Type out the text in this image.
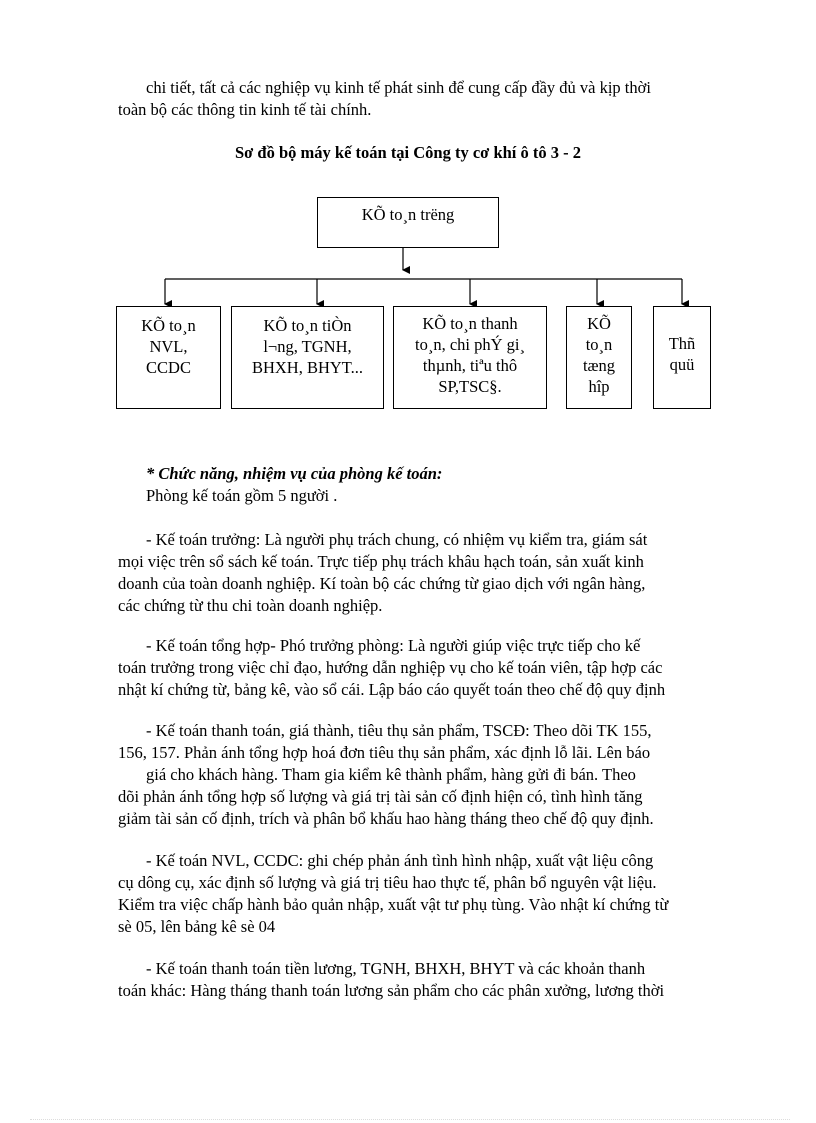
chi tiết, tất cả các nghiệp vụ kinh tế phát sinh để cung cấp đầy đủ và kịp thời
toàn bộ các thông tin kinh tế tài chính.
Sơ đồ bộ máy kế toán tại Công ty cơ khí ô tô 3 - 2
KÕ to¸n trëng
KÕ to¸n
NVL,
CCDC
KÕ to¸n tiÒn
l¬ng, TGNH,
BHXH, BHYT...
KÕ to¸n thanh
to¸n, chi phÝ gi¸
thµnh, tiªu thô
SP,TSC§.
KÕ
to¸n
tæng
hîp
Thñ
quü
* Chức năng, nhiệm vụ của phòng kế toán:
Phòng kế toán gồm 5 người .
- Kế toán trưởng: Là người phụ trách chung, có nhiệm vụ kiểm tra, giám sát
mọi việc trên sổ sách kế toán. Trực tiếp phụ trách khâu hạch toán, sản xuất kinh
doanh của toàn doanh nghiệp. Kí toàn bộ các chứng từ giao dịch với ngân hàng,
các chứng từ thu chi toàn doanh nghiệp.
- Kế toán tổng hợp- Phó trưởng phòng: Là người giúp việc trực tiếp cho kế
toán trưởng trong việc chỉ đạo, hướng dẫn nghiệp vụ cho kế toán viên, tập hợp các
nhật kí chứng từ, bảng kê, vào sổ cái. Lập báo cáo quyết toán theo chế độ quy định
- Kế toán thanh toán, giá thành, tiêu thụ sản phẩm, TSCĐ: Theo dõi TK 155,
156, 157. Phản ánh tổng hợp hoá đơn tiêu thụ sản phẩm, xác định lỗ lãi. Lên báo
giá cho khách hàng. Tham gia kiểm kê thành phẩm, hàng gửi đi bán. Theo
dõi phản ánh tổng hợp số lượng và giá trị tài sản cố định hiện có, tình hình tăng
giảm tài sản cố định, trích và phân bổ khấu hao hàng tháng theo chế độ quy định.
- Kế toán NVL, CCDC: ghi chép phản ánh tình hình nhập, xuất vật liệu công
cụ dông cụ, xác định số lượng và giá trị tiêu hao thực tế, phân bổ nguyên vật liệu.
Kiểm tra việc chấp hành bảo quản nhập, xuất vật tư phụ tùng. Vào nhật kí chứng từ
sè 05, lên bảng kê sè 04
- Kế toán thanh toán tiền lương, TGNH, BHXH, BHYT và các khoản thanh
toán khác: Hàng tháng thanh toán lương sản phẩm cho các phân xưởng, lương thời
